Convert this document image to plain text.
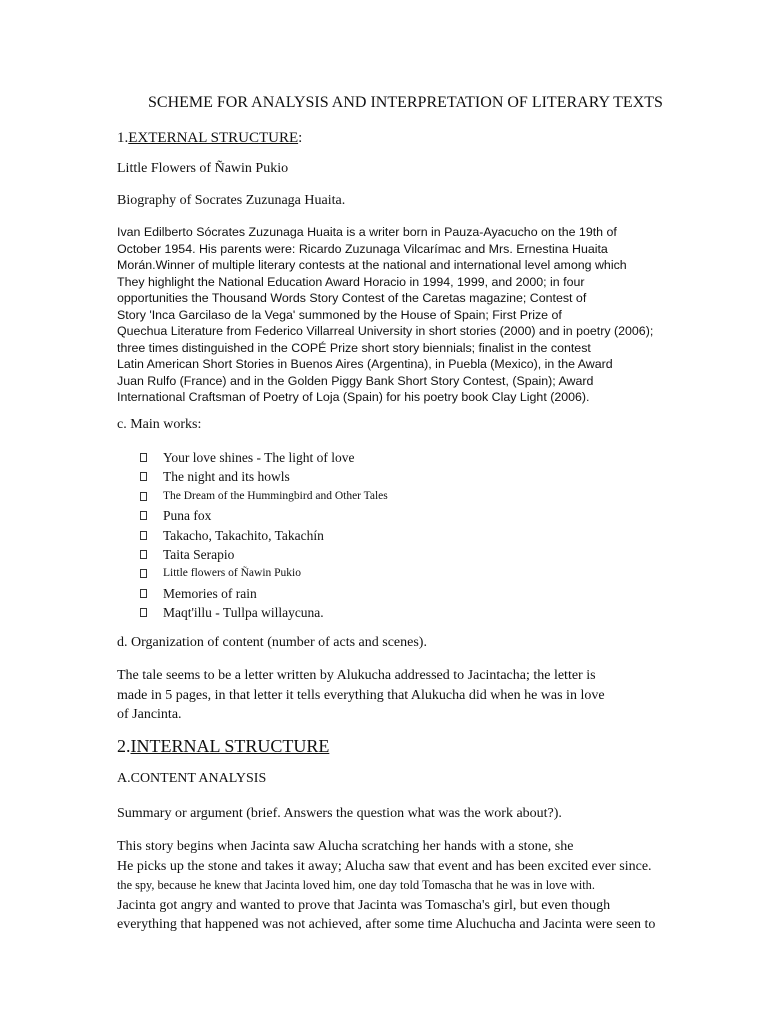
SCHEME FOR ANALYSIS AND INTERPRETATION OF LITERARY TEXTS
1.EXTERNAL STRUCTURE:
Little Flowers of Ñawin Pukio
Biography of Socrates Zuzunaga Huaita.
Ivan Edilberto Sócrates Zuzunaga Huaita is a writer born in Pauza-Ayacucho on the 19th of
October 1954. His parents were: Ricardo Zuzunaga Vilcarímac and Mrs. Ernestina Huaita
Morán.Winner of multiple literary contests at the national and international level among which
They highlight the National Education Award Horacio in 1994, 1999, and 2000; in four
opportunities the Thousand Words Story Contest of the Caretas magazine; Contest of
Story 'Inca Garcilaso de la Vega' summoned by the House of Spain; First Prize of
Quechua Literature from Federico Villarreal University in short stories (2000) and in poetry (2006);
three times distinguished in the COPÉ Prize short story biennials; finalist in the contest
Latin American Short Stories in Buenos Aires (Argentina), in Puebla (Mexico), in the Award
Juan Rulfo (France) and in the Golden Piggy Bank Short Story Contest, (Spain); Award
International Craftsman of Poetry of Loja (Spain) for his poetry book Clay Light (2006).
c. Main works:
Your love shines - The light of love
The night and its howls
The Dream of the Hummingbird and Other Tales
Puna fox
Takacho, Takachito, Takachín
Taita Serapio
Little flowers of Ñawin Pukio
Memories of rain
Maqt'illu - Tullpa willaycuna.
d. Organization of content (number of acts and scenes).
The tale seems to be a letter written by Alukucha addressed to Jacintacha; the letter is
made in 5 pages, in that letter it tells everything that Alukucha did when he was in love
of Jancinta.
2.INTERNAL STRUCTURE
A.CONTENT ANALYSIS
Summary or argument (brief. Answers the question what was the work about?).
This story begins when Jacinta saw Alucha scratching her hands with a stone, she
He picks up the stone and takes it away; Alucha saw that event and has been excited ever since.
the spy, because he knew that Jacinta loved him, one day told Tomascha that he was in love with.
Jacinta got angry and wanted to prove that Jacinta was Tomascha's girl, but even though
everything that happened was not achieved, after some time Aluchucha and Jacinta were seen to
